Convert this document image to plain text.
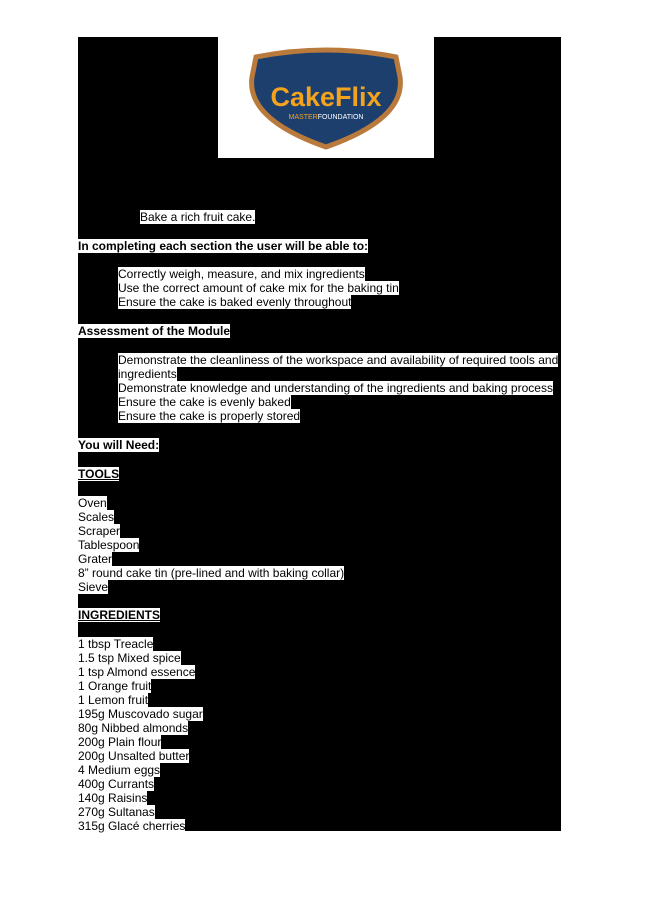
CakeFlix
MASTERFOUNDATION
Bake a rich fruit cake.
In completing each section the user will be able to:
Correctly weigh, measure, and mix ingredients
Use the correct amount of cake mix for the baking tin
Ensure the cake is baked evenly throughout
Assessment of the Module
Demonstrate the cleanliness of the workspace and availability of required tools and ingredients
Demonstrate knowledge and understanding of the ingredients and baking process
Ensure the cake is evenly baked
Ensure the cake is properly stored
You will Need:
TOOLS
Oven
Scales
Scraper
Tablespoon
Grater
8” round cake tin (pre-lined and with baking collar)
Sieve
INGREDIENTS
1 tbsp Treacle
1.5 tsp Mixed spice
1 tsp Almond essence
1 Orange fruit
1 Lemon fruit
195g Muscovado sugar
80g Nibbed almonds
200g Plain flour
200g Unsalted butter
4 Medium eggs
400g Currants
140g Raisins
270g Sultanas
315g Glacé cherries
